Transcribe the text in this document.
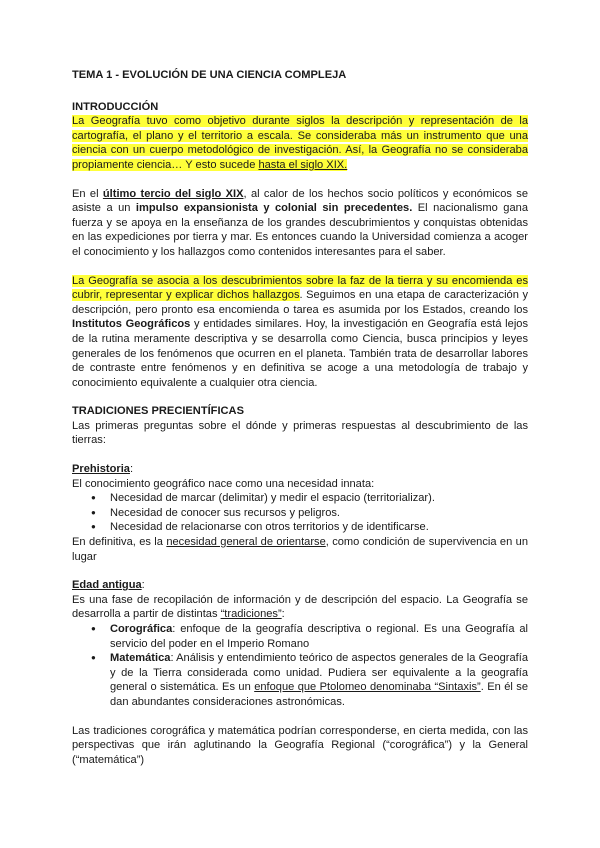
TEMA 1 - EVOLUCIÓN DE UNA CIENCIA COMPLEJA
INTRODUCCIÓN

La Geografía tuvo como objetivo durante siglos la descripción y representación de la cartografía, el plano y el territorio a escala. Se consideraba más un instrumento que una ciencia con un cuerpo metodológico de investigación. Así, la Geografía no se consideraba propiamente ciencia… Y esto sucede hasta el siglo XIX.

En el último tercio del siglo XIX, al calor de los hechos socio políticos y económicos se asiste a un impulso expansionista y colonial sin precedentes. El nacionalismo gana fuerza y se apoya en la enseñanza de los grandes descubrimientos y conquistas obtenidas en las expediciones por tierra y mar. Es entonces cuando la Universidad comienza a acoger el conocimiento y los hallazgos como contenidos interesantes para el saber.

La Geografía se asocia a los descubrimientos sobre la faz de la tierra y su encomienda es cubrir, representar y explicar dichos hallazgos. Seguimos en una etapa de caracterización y descripción, pero pronto esa encomienda o tarea es asumida por los Estados, creando los Institutos Geográficos y entidades similares. Hoy, la investigación en Geografía está lejos de la rutina meramente descriptiva y se desarrolla como Ciencia, busca principios y leyes generales de los fenómenos que ocurren en el planeta. También trata de desarrollar labores de contraste entre fenómenos y en definitiva se acoge a una metodología de trabajo y conocimiento equivalente a cualquier otra ciencia.

TRADICIONES PRECIENTÍFICAS

Las primeras preguntas sobre el dónde y primeras respuestas al descubrimiento de las tierras:

Prehistoria:

El conocimiento geográfico nace como una necesidad innata:

● Necesidad de marcar (delimitar) y medir el espacio (territorializar).
● Necesidad de conocer sus recursos y peligros.
● Necesidad de relacionarse con otros territorios y de identificarse.

En definitiva, es la necesidad general de orientarse, como condición de supervivencia en un lugar

Edad antigua:

Es una fase de recopilación de información y de descripción del espacio. La Geografía se desarrolla a partir de distintas “tradiciones”:

● Corográfica: enfoque de la geografía descriptiva o regional. Es una Geografía al servicio del poder en el Imperio Romano
● Matemática: Análisis y entendimiento teórico de aspectos generales de la Geografía y de la Tierra considerada como unidad. Pudiera ser equivalente a la geografía general o sistemática. Es un enfoque que Ptolomeo denominaba “Sintaxis”. En él se dan abundantes consideraciones astronómicas.

Las tradiciones corográfica y matemática podrían corresponderse, en cierta medida, con las perspectivas que irán aglutinando la Geografía Regional (“corográfica”) y la General (“matemática”)
